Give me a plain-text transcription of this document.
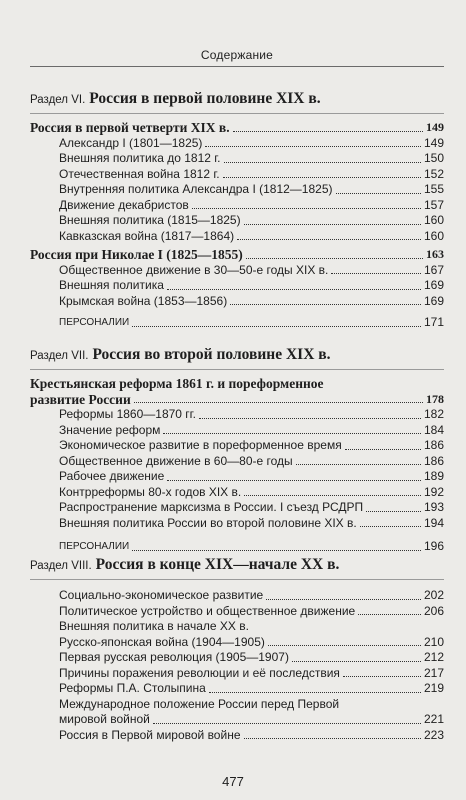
Содержание
Раздел VI. Россия в первой половине XIX в.
Россия в первой четверти XIX в.	149
Александр I (1801—1825)	149
Внешняя политика до 1812 г.	150
Отечественная война 1812 г.	152
Внутренняя политика Александра I (1812—1825)	155
Движение декабристов	157
Внешняя политика (1815—1825)	160
Кавказская война (1817—1864)	160
Россия при Николае I (1825—1855)	163
Общественное движение в 30—50-е годы XIX в.	167
Внешняя политика	169
Крымская война (1853—1856)	169
ПЕРСОНАЛИИ	171
Раздел VII. Россия во второй половине XIX в.
Крестьянская реформа 1861 г. и пореформенное
развитие России	178
Реформы 1860—1870 гг.	182
Значение реформ	184
Экономическое развитие в пореформенное время	186
Общественное движение в 60—80-е годы	186
Рабочее движение	189
Контрреформы 80-х годов XIX в.	192
Распространение марксизма в России. I съезд РСДРП	193
Внешняя политика России во второй половине XIX в.	194
ПЕРСОНАЛИИ	196
Раздел VIII. Россия в конце XIX—начале XX в.
Социально-экономическое развитие	202
Политическое устройство и общественное движение	206
Внешняя политика в начале XX в.
Русско-японская война (1904—1905)	210
Первая русская революция (1905—1907)	212
Причины поражения революции и её последствия	217
Реформы П.А. Столыпина	219
Международное положение России перед Первой
мировой войной	221
Россия в Первой мировой войне	223
477
